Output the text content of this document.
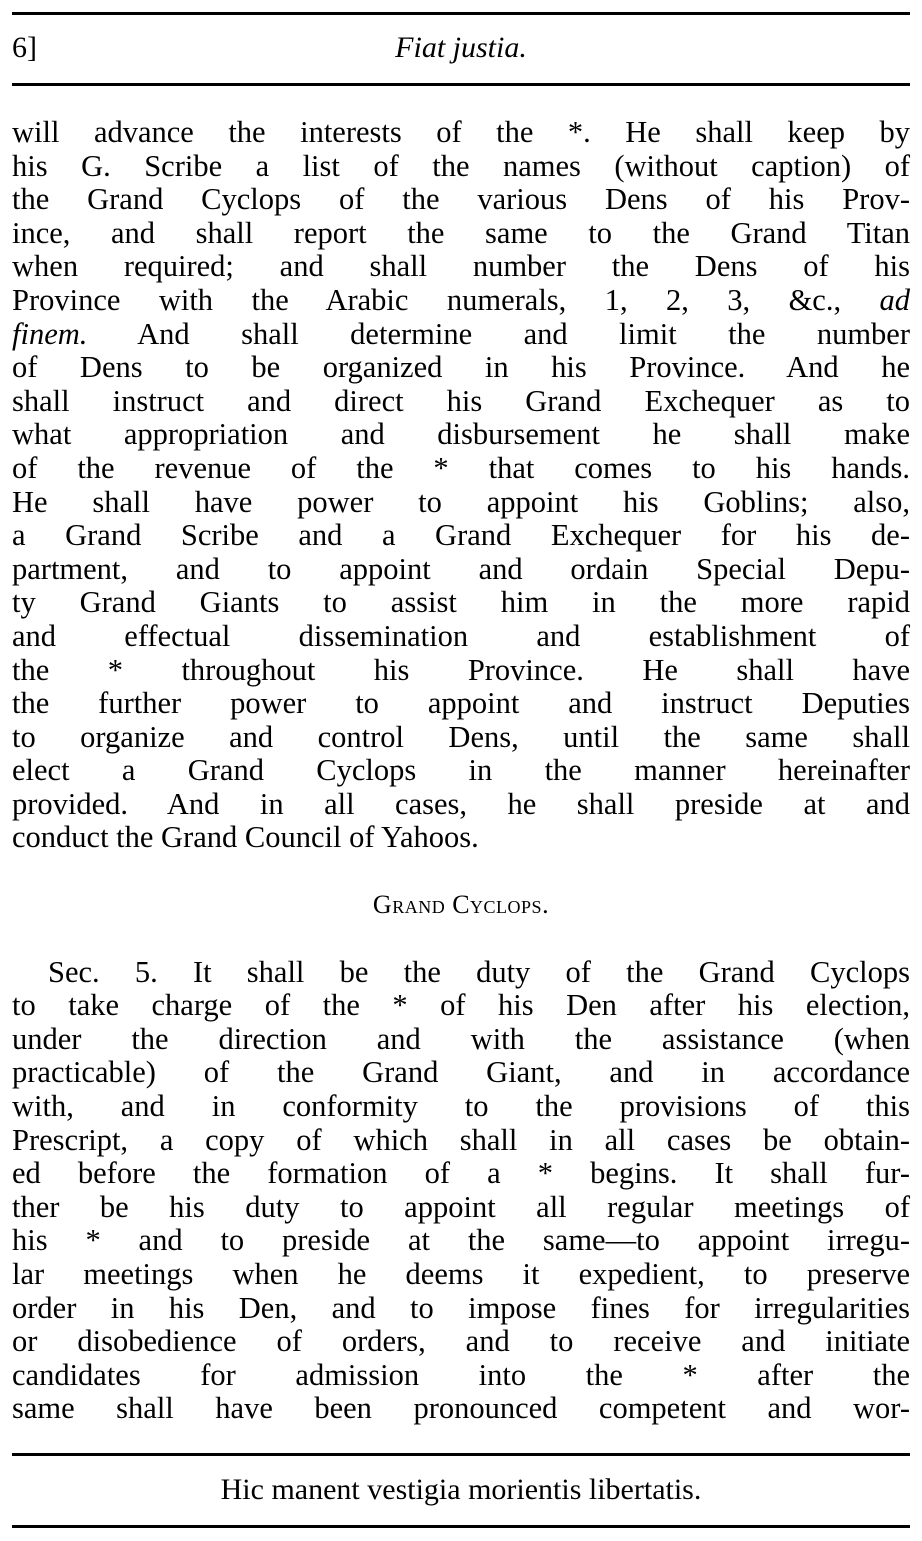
6]	Fiat justia.
will advance the interests of the *. He shall keep by
his G. Scribe a list of the names (without caption) of
the Grand Cyclops of the various Dens of his Prov-
ince, and shall report the same to the Grand Titan
when required; and shall number the Dens of his
Province with the Arabic numerals, 1, 2, 3, &c., ad
finem. And shall determine and limit the number
of Dens to be organized in his Province. And he
shall instruct and direct his Grand Exchequer as to
what appropriation and disbursement he shall make
of the revenue of the * that comes to his hands.
He shall have power to appoint his Goblins; also,
a Grand Scribe and a Grand Exchequer for his de-
partment, and to appoint and ordain Special Depu-
ty Grand Giants to assist him in the more rapid
and effectual dissemination and establishment of
the * throughout his Province. He shall have
the further power to appoint and instruct Deputies
to organize and control Dens, until the same shall
elect a Grand Cyclops in the manner hereinafter
provided. And in all cases, he shall preside at and
conduct the Grand Council of Yahoos.
Grand Cyclops.
Sec. 5. It shall be the duty of the Grand Cyclops
to take charge of the * of his Den after his election,
under the direction and with the assistance (when
practicable) of the Grand Giant, and in accordance
with, and in conformity to the provisions of this
Prescript, a copy of which shall in all cases be obtain-
ed before the formation of a * begins. It shall fur-
ther be his duty to appoint all regular meetings of
his * and to preside at the same—to appoint irregu-
lar meetings when he deems it expedient, to preserve
order in his Den, and to impose fines for irregularities
or disobedience of orders, and to receive and initiate
candidates for admission into the * after the
same shall have been pronounced competent and wor-
Hic manent vestigia morientis libertatis.
